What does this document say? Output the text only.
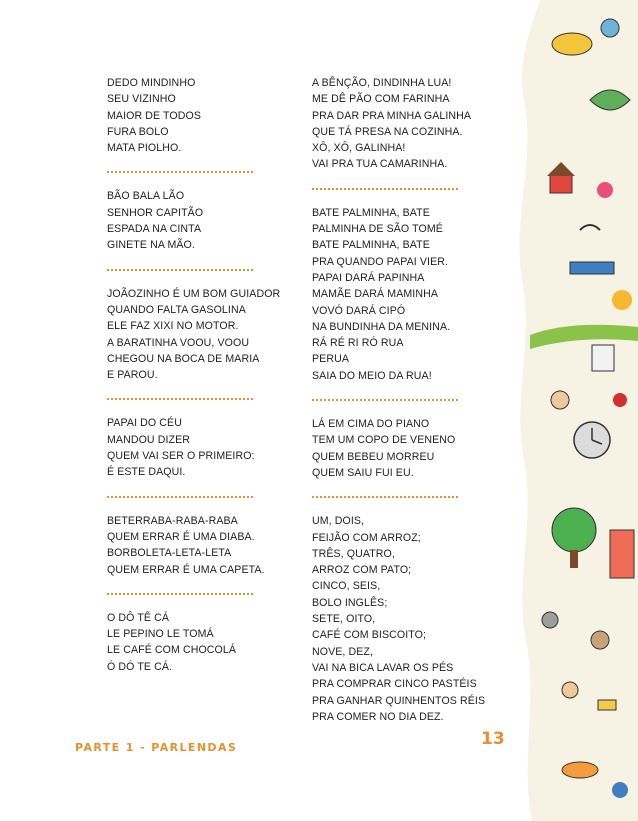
DEDO MINDINHO
SEU VIZINHO
MAIOR DE TODOS
FURA BOLO
MATA PIOLHO.
BÃO BALA LÃO
SENHOR CAPITÃO
ESPADA NA CINTA
GINETE NA MÃO.
JOÃOZINHO É UM BOM GUIADOR
QUANDO FALTA GASOLINA
ELE FAZ XIXI NO MOTOR.
A BARATINHA VOOU, VOOU
CHEGOU NA BOCA DE MARIA
E PAROU.
PAPAI DO CÉU
MANDOU DIZER
QUEM VAI SER O PRIMEIRO:
É ESTE DAQUI.
BETERRABA-RABA-RABA
QUEM ERRAR É UMA DIABA.
BORBOLETA-LETA-LETA
QUEM ERRAR É UMA CAPETA.
O DÔ TÊ CÁ
LE PEPINO LE TOMÁ
LE CAFÉ COM CHOCOLÁ
Ó DÓ TE CÁ.
A BÊNÇÃO, DINDINHA LUA!
ME DÊ PÃO COM FARINHA
PRA DAR PRA MINHA GALINHA
QUE TÁ PRESA NA COZINHA.
XÔ, XÔ, GALINHA!
VAI PRA TUA CAMARINHA.
BATE PALMINHA, BATE
PALMINHA DE SÃO TOMÉ
BATE PALMINHA, BATE
PRA QUANDO PAPAI VIER.
PAPAI DARÁ PAPINHA
MAMÃE DARÁ MAMINHA
VOVÓ DARÁ CIPÓ
NA BUNDINHA DA MENINA.
RÁ RÉ RI RÓ RUA
PERUA
SAIA DO MEIO DA RUA!
LÁ EM CIMA DO PIANO
TEM UM COPO DE VENENO
QUEM BEBEU MORREU
QUEM SAIU FUI EU.
UM, DOIS,
FEIJÃO COM ARROZ;
TRÊS, QUATRO,
ARROZ COM PATO;
CINCO, SEIS,
BOLO INGLÊS;
SETE, OITO,
CAFÉ COM BISCOITO;
NOVE, DEZ,
VAI NA BICA LAVAR OS PÉS
PRA COMPRAR CINCO PASTÉIS
PRA GANHAR QUINHENTOS RÉIS
PRA COMER NO DIA DEZ.
PARTE 1 - PARLENDAS	13
